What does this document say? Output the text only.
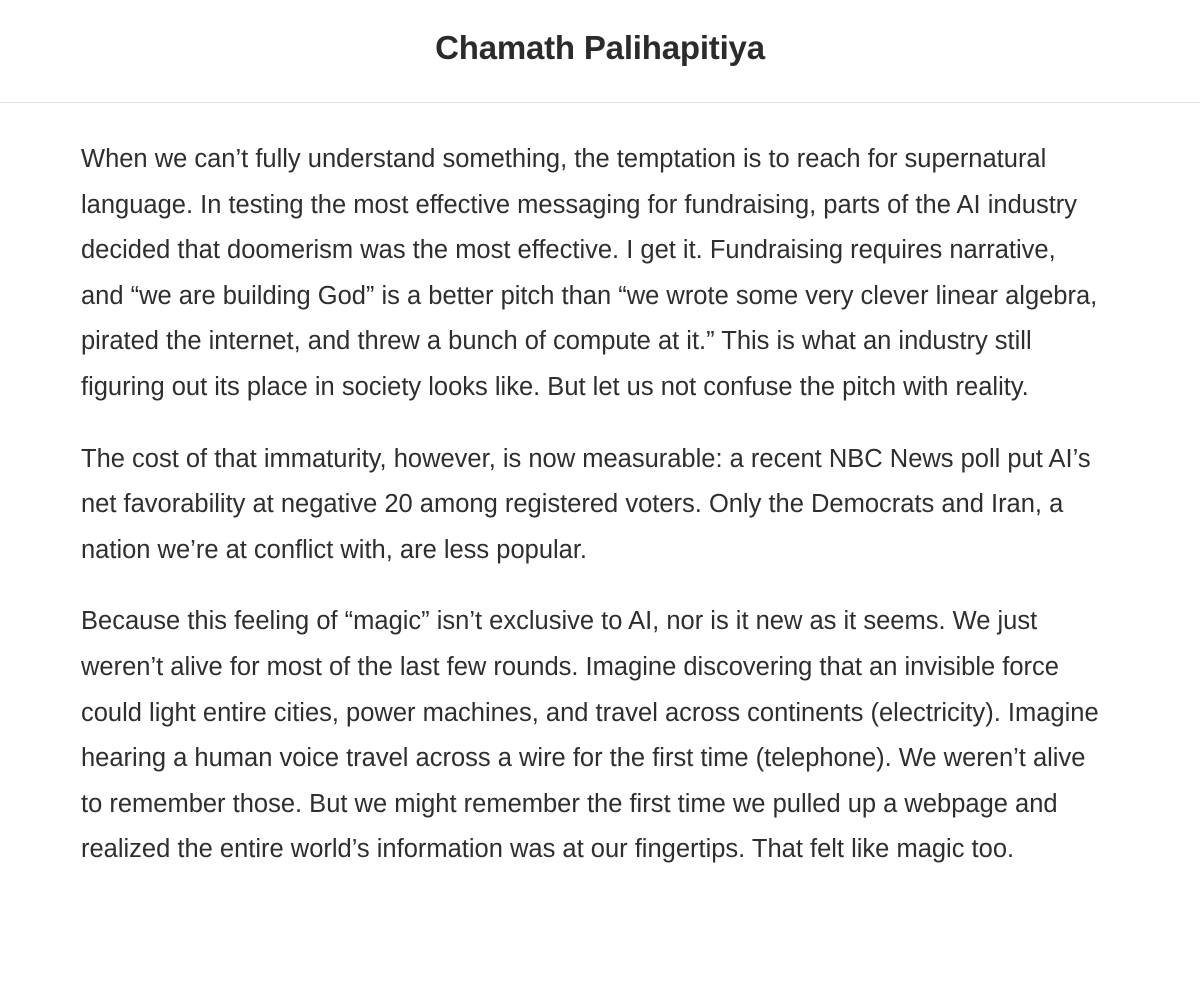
Chamath Palihapitiya

When we can’t fully understand something, the temptation is to reach for supernatural language. In testing the most effective messaging for fundraising, parts of the AI industry decided that doomerism was the most effective. I get it. Fundraising requires narrative, and “we are building God” is a better pitch than “we wrote some very clever linear algebra, pirated the internet, and threw a bunch of compute at it.” This is what an industry still figuring out its place in society looks like. But let us not confuse the pitch with reality.

The cost of that immaturity, however, is now measurable: a recent NBC News poll put AI’s net favorability at negative 20 among registered voters. Only the Democrats and Iran, a nation we’re at conflict with, are less popular.

Because this feeling of “magic” isn’t exclusive to AI, nor is it new as it seems. We just weren’t alive for most of the last few rounds. Imagine discovering that an invisible force could light entire cities, power machines, and travel across continents (electricity). Imagine hearing a human voice travel across a wire for the first time (telephone). We weren’t alive to remember those. But we might remember the first time we pulled up a webpage and realized the entire world’s information was at our fingertips. That felt like magic too.
